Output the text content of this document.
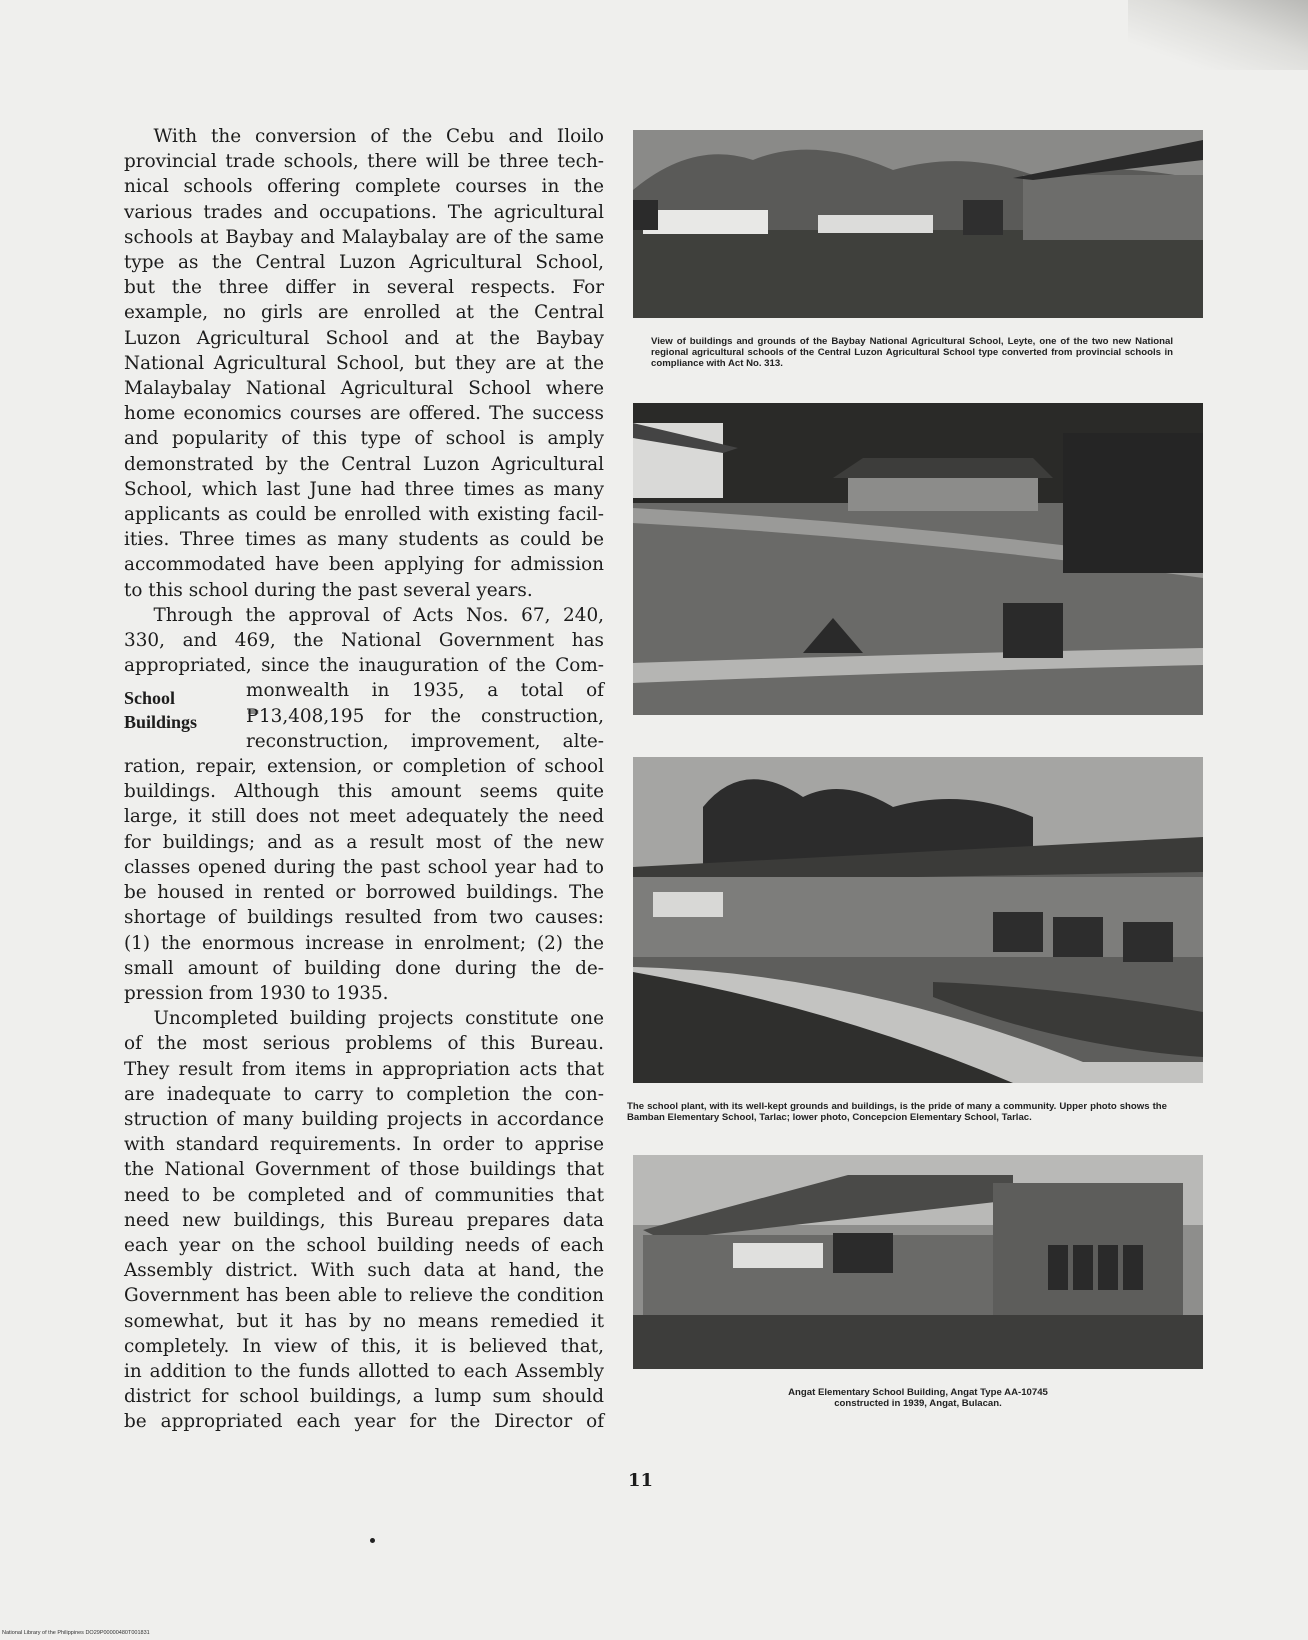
With the conversion of the Cebu and Iloilo
provincial trade schools, there will be three tech-
nical schools offering complete courses in the
various trades and occupations. The agricultural
schools at Baybay and Malaybalay are of the same
type as the Central Luzon Agricultural School,
but the three differ in several respects. For
example, no girls are enrolled at the Central
Luzon Agricultural School and at the Baybay
National Agricultural School, but they are at the
Malaybalay National Agricultural School where
home economics courses are offered. The success
and popularity of this type of school is amply
demonstrated by the Central Luzon Agricultural
School, which last June had three times as many
applicants as could be enrolled with existing facil-
ities. Three times as many students as could be
accommodated have been applying for admission
to this school during the past several years.

Through the approval of Acts Nos. 67, 240,
330, and 469, the National Government has
appropriated, since the inauguration of the Com-

School Buildings
monwealth in 1935, a total of
₱13,408,195 for the construction,
reconstruction, improvement, alte-

ration, repair, extension, or completion of school
buildings. Although this amount seems quite
large, it still does not meet adequately the need
for buildings; and as a result most of the new
classes opened during the past school year had to
be housed in rented or borrowed buildings. The
shortage of buildings resulted from two causes:
(1) the enormous increase in enrolment; (2) the
small amount of building done during the de-
pression from 1930 to 1935.

Uncompleted building projects constitute one
of the most serious problems of this Bureau.
They result from items in appropriation acts that
are inadequate to carry to completion the con-
struction of many building projects in accordance
with standard requirements. In order to apprise
the National Government of those buildings that
need to be completed and of communities that
need new buildings, this Bureau prepares data
each year on the school building needs of each
Assembly district. With such data at hand, the
Government has been able to relieve the condition
somewhat, but it has by no means remedied it
completely. In view of this, it is believed that,
in addition to the funds allotted to each Assembly
district for school buildings, a lump sum should
be appropriated each year for the Director of

View of buildings and grounds of the Baybay National Agricultural School, Leyte, one of the two new National regional agricultural schools of the Central Luzon Agricultural School type converted from provincial schools in compliance with Act No. 313.
The school plant, with its well-kept grounds and buildings, is the pride of many a community. Upper photo shows the Bamban Elementary School, Tarlac; lower photo, Concepcion Elementary School, Tarlac.
Angat Elementary School Building, Angat Type AA-10745
constructed in 1939, Angat, Bulacan.
11
National Library of the Philippines DO29P00000480T001831
